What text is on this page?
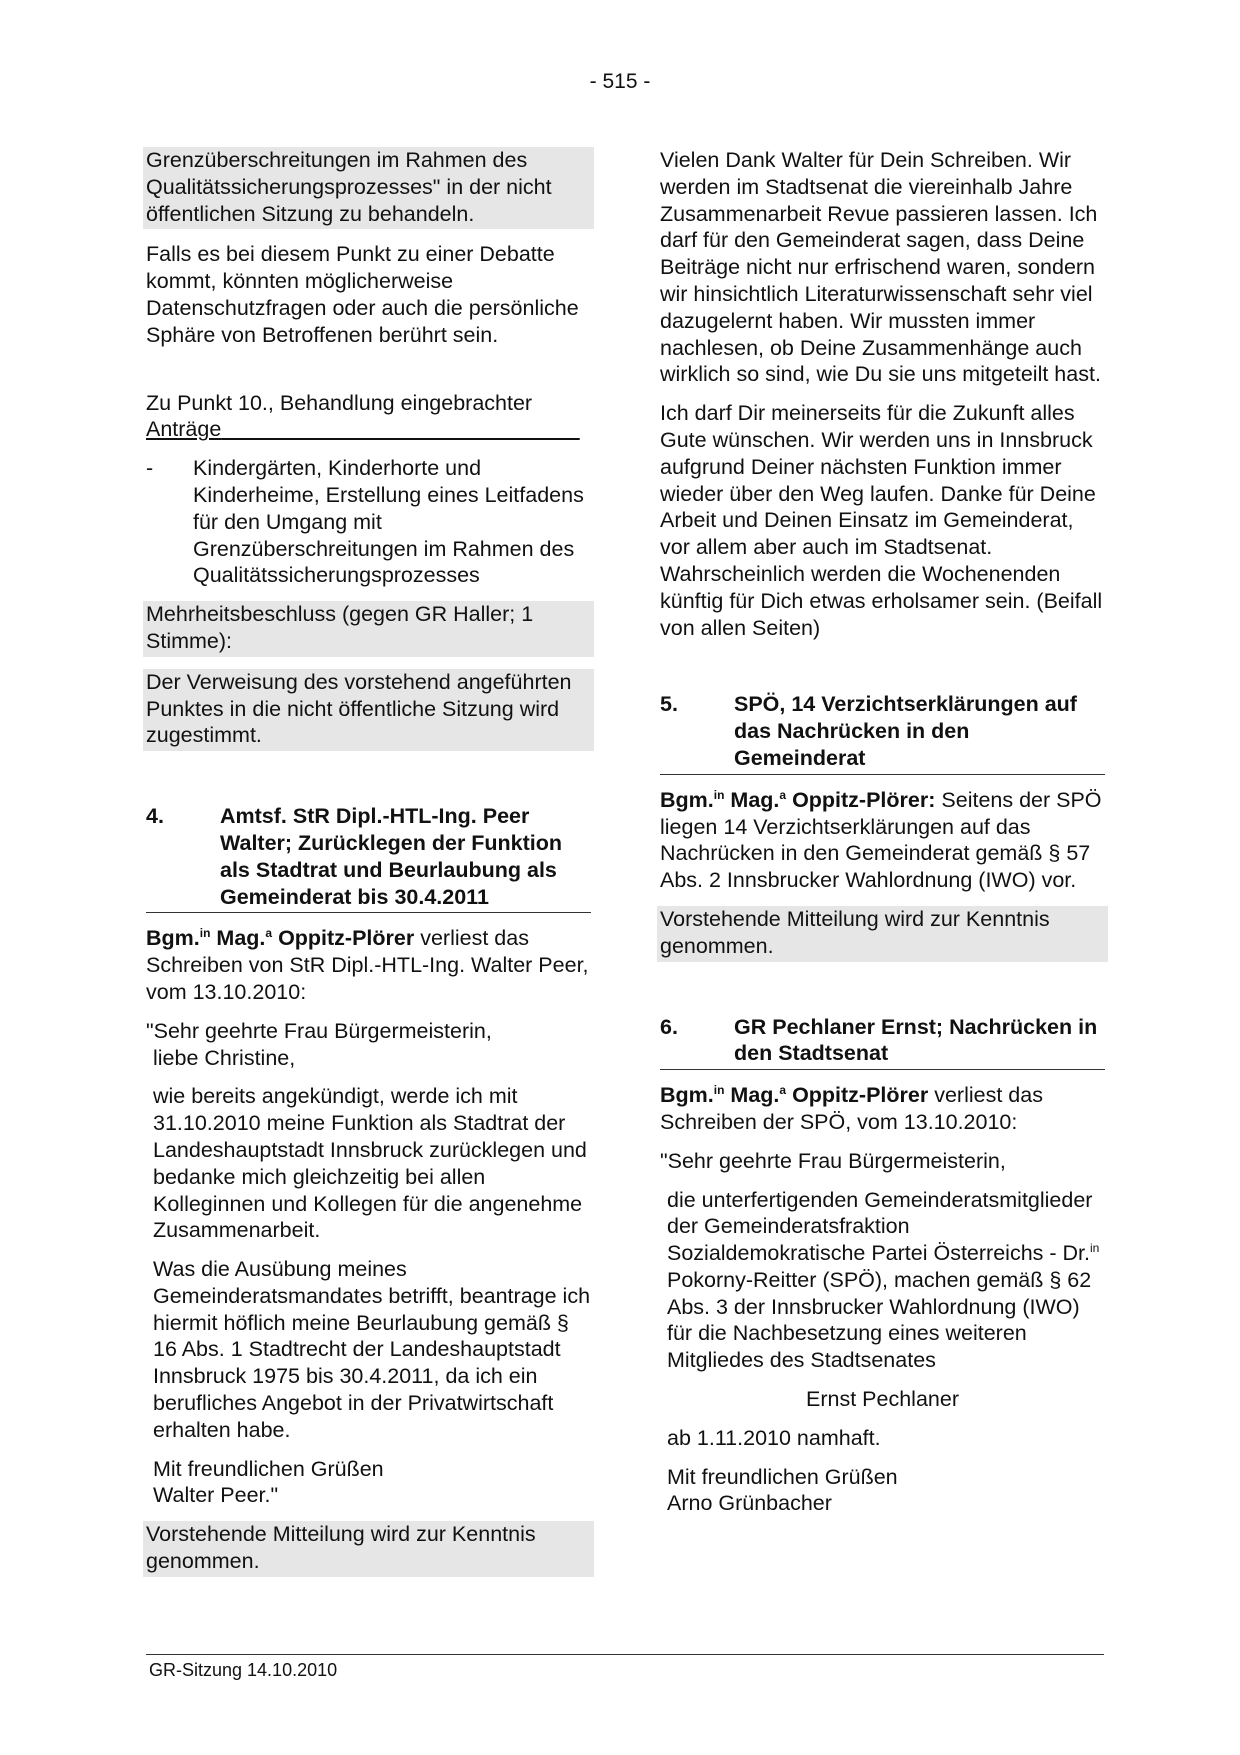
- 515 -

Grenzüberschreitungen im Rahmen des Qualitätssicherungsprozesses" in der nicht öffentlichen Sitzung zu behandeln.

Falls es bei diesem Punkt zu einer Debatte kommt, könnten möglicherweise Datenschutzfragen oder auch die persönliche Sphäre von Betroffenen berührt sein.

Zu Punkt 10., Behandlung eingebrachter
Anträge

-	Kindergärten, Kinderhorte und Kinderheime, Erstellung eines Leitfadens für den Umgang mit Grenzüberschreitungen im Rahmen des Qualitätssicherungsprozesses

Mehrheitsbeschluss (gegen GR Haller; 1 Stimme):

Der Verweisung des vorstehend angeführten Punktes in die nicht öffentliche Sitzung wird zugestimmt.

4.	Amtsf. StR Dipl.-HTL-Ing. Peer Walter; Zurücklegen der Funktion als Stadtrat und Beurlaubung als Gemeinderat bis 30.4.2011

Bgm.$^{in}$ Mag.$^a$ Oppitz-Plörer verliest das Schreiben von StR Dipl.-HTL-Ing. Walter Peer, vom 13.10.2010:

"Sehr geehrte Frau Bürgermeisterin,
liebe Christine,

wie bereits angekündigt, werde ich mit 31.10.2010 meine Funktion als Stadtrat der Landeshauptstadt Innsbruck zurücklegen und bedanke mich gleichzeitig bei allen Kolleginnen und Kollegen für die angenehme Zusammenarbeit.

Was die Ausübung meines Gemeinderatsmandates betrifft, beantrage ich hiermit höflich meine Beurlaubung gemäß § 16 Abs. 1 Stadtrecht der Landeshauptstadt Innsbruck 1975 bis 30.4.2011, da ich ein berufliches Angebot in der Privatwirtschaft erhalten habe.

Mit freundlichen Grüßen
Walter Peer."

Vorstehende Mitteilung wird zur Kenntnis genommen.

Vielen Dank Walter für Dein Schreiben. Wir werden im Stadtsenat die viereinhalb Jahre Zusammenarbeit Revue passieren lassen. Ich darf für den Gemeinderat sagen, dass Deine Beiträge nicht nur erfrischend waren, sondern wir hinsichtlich Literaturwissenschaft sehr viel dazugelernt haben. Wir mussten immer nachlesen, ob Deine Zusammenhänge auch wirklich so sind, wie Du sie uns mitgeteilt hast.

Ich darf Dir meinerseits für die Zukunft alles Gute wünschen. Wir werden uns in Innsbruck aufgrund Deiner nächsten Funktion immer wieder über den Weg laufen. Danke für Deine Arbeit und Deinen Einsatz im Gemeinderat, vor allem aber auch im Stadtsenat. Wahrscheinlich werden die Wochenenden künftig für Dich etwas erholsamer sein. (Beifall von allen Seiten)

5.	SPÖ, 14 Verzichtserklärungen auf das Nachrücken in den Gemeinderat

Bgm.$^{in}$ Mag.$^a$ Oppitz-Plörer: Seitens der SPÖ liegen 14 Verzichtserklärungen auf das Nachrücken in den Gemeinderat gemäß § 57 Abs. 2 Innsbrucker Wahlordnung (IWO) vor.

Vorstehende Mitteilung wird zur Kenntnis genommen.

6.	GR Pechlaner Ernst; Nachrücken in den Stadtsenat

Bgm.$^{in}$ Mag.$^a$ Oppitz-Plörer verliest das Schreiben der SPÖ, vom 13.10.2010:

"Sehr geehrte Frau Bürgermeisterin,

die unterfertigenden Gemeinderatsmitglieder der Gemeinderatsfraktion Sozialdemokratische Partei Österreichs - Dr.$^{in}$ Pokorny-Reitter (SPÖ), machen gemäß § 62 Abs. 3 der Innsbrucker Wahlordnung (IWO) für die Nachbesetzung eines weiteren Mitgliedes des Stadtsenates

Ernst Pechlaner

ab 1.11.2010 namhaft.

Mit freundlichen Grüßen
Arno Grünbacher

GR-Sitzung 14.10.2010
